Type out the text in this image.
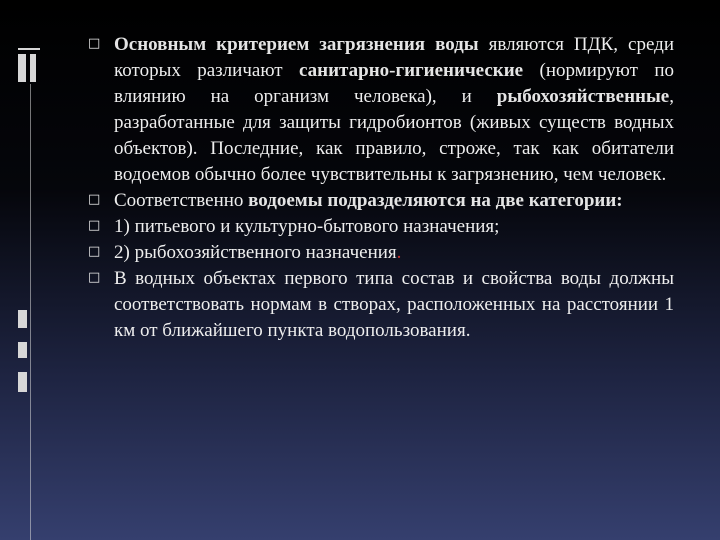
□ Основным критерием загрязнения воды являются ПДК, среди которых различают санитарно-гигиенические (нормируют по влиянию на организм человека), и рыбохозяйственные, разработанные для защиты гидробионтов (живых существ водных объектов). Последние, как правило, строже, так как обитатели водоемов обычно более чувствительны к загрязнению, чем человек.
□ Соответственно водоемы подразделяются на две категории:
□ 1) питьевого и культурно-бытового назначения;
□ 2) рыбохозяйственного назначения.
□ В водных объектах первого типа состав и свойства воды должны соответствовать нормам в створах, расположенных на расстоянии 1 км от ближайшего пункта водопользования.
